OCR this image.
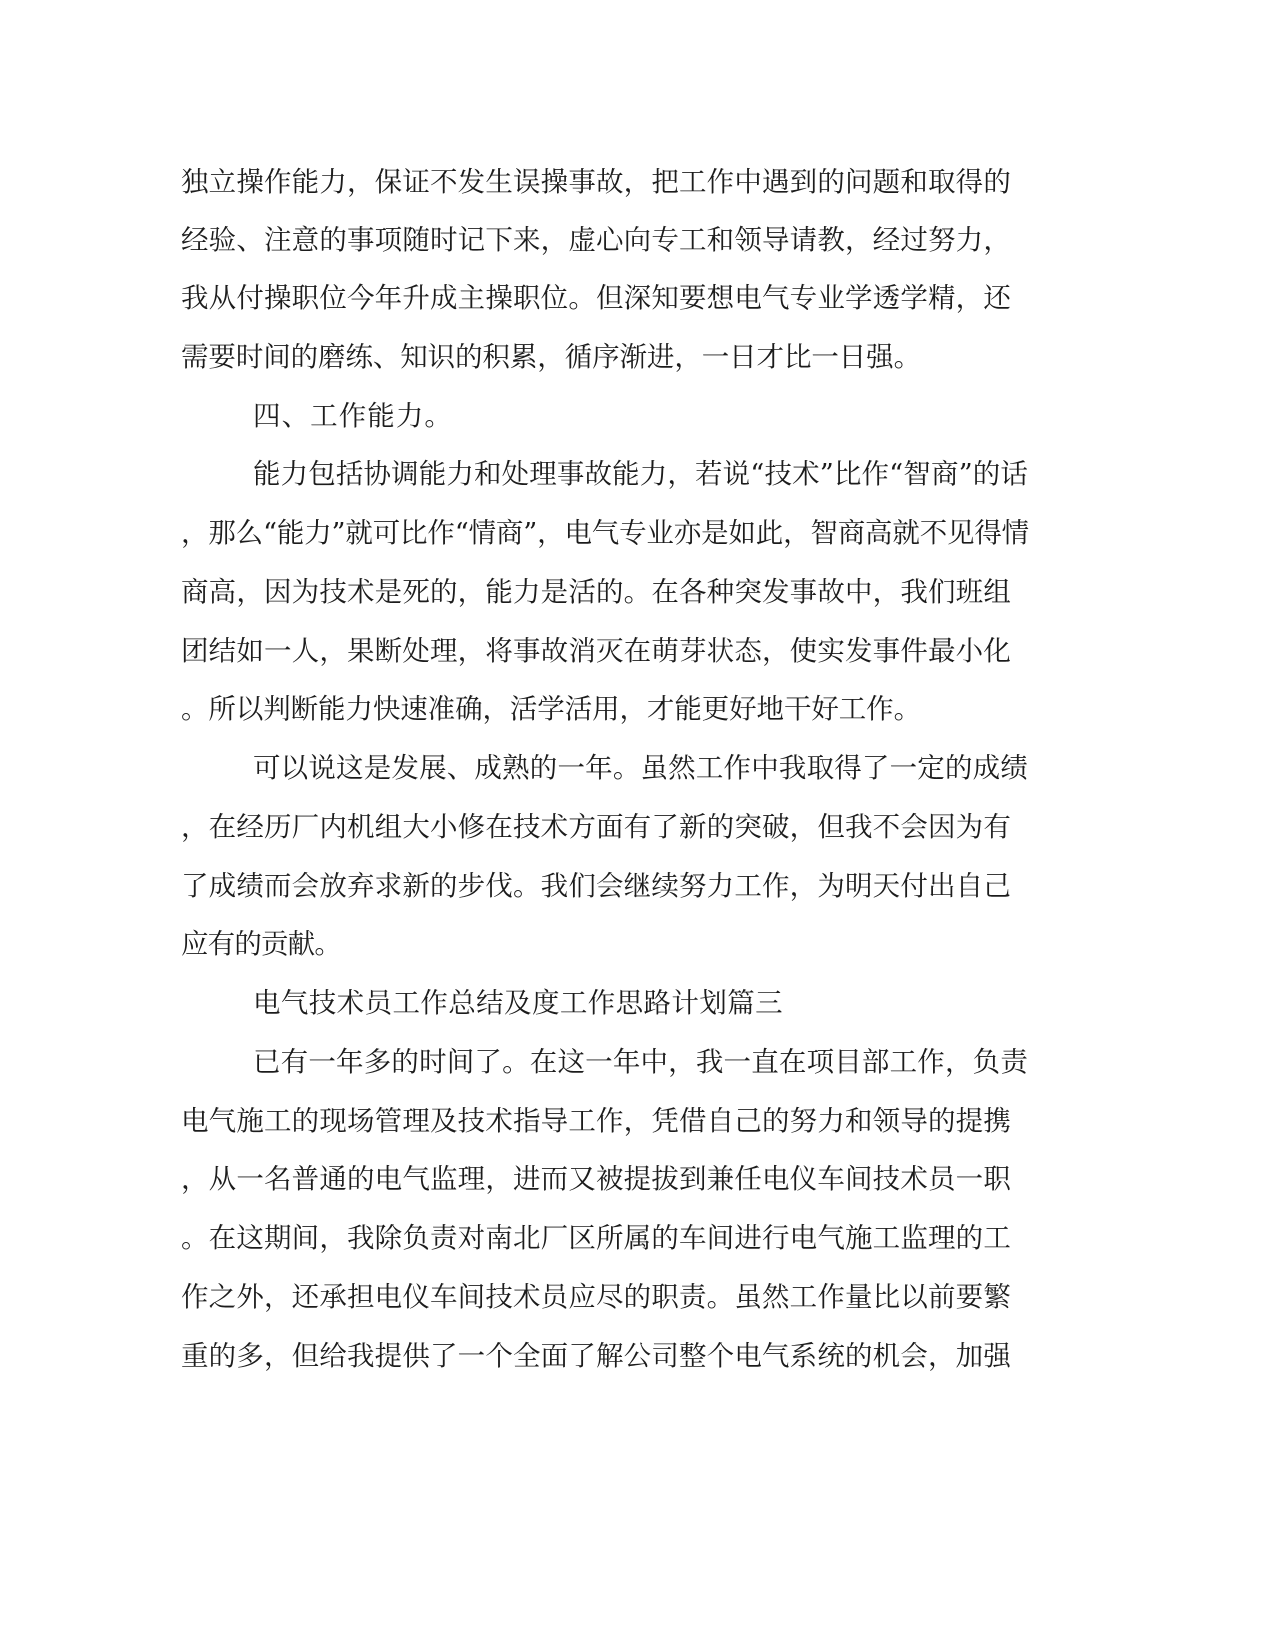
独立操作能力，保证不发生误操事故，把工作中遇到的问题和取得的
经验、注意的事项随时记下来，虚心向专工和领导请教，经过努力，
我从付操职位今年升成主操职位。但深知要想电气专业学透学精，还
需要时间的磨练、知识的积累，循序渐进，一日才比一日强。
四、工作能力。
能力包括协调能力和处理事故能力，若说“技术”比作“智商”的话
，那么“能力”就可比作“情商”，电气专业亦是如此，智商高就不见得情
商高，因为技术是死的，能力是活的。在各种突发事故中，我们班组
团结如一人，果断处理，将事故消灭在萌芽状态，使实发事件最小化
。所以判断能力快速准确，活学活用，才能更好地干好工作。
可以说这是发展、成熟的一年。虽然工作中我取得了一定的成绩
，在经历厂内机组大小修在技术方面有了新的突破，但我不会因为有
了成绩而会放弃求新的步伐。我们会继续努力工作，为明天付出自己
应有的贡献。
电气技术员工作总结及度工作思路计划篇三
已有一年多的时间了。在这一年中，我一直在项目部工作，负责
电气施工的现场管理及技术指导工作，凭借自己的努力和领导的提携
，从一名普通的电气监理，进而又被提拔到兼任电仪车间技术员一职
。在这期间，我除负责对南北厂区所属的车间进行电气施工监理的工
作之外，还承担电仪车间技术员应尽的职责。虽然工作量比以前要繁
重的多，但给我提供了一个全面了解公司整个电气系统的机会，加强
